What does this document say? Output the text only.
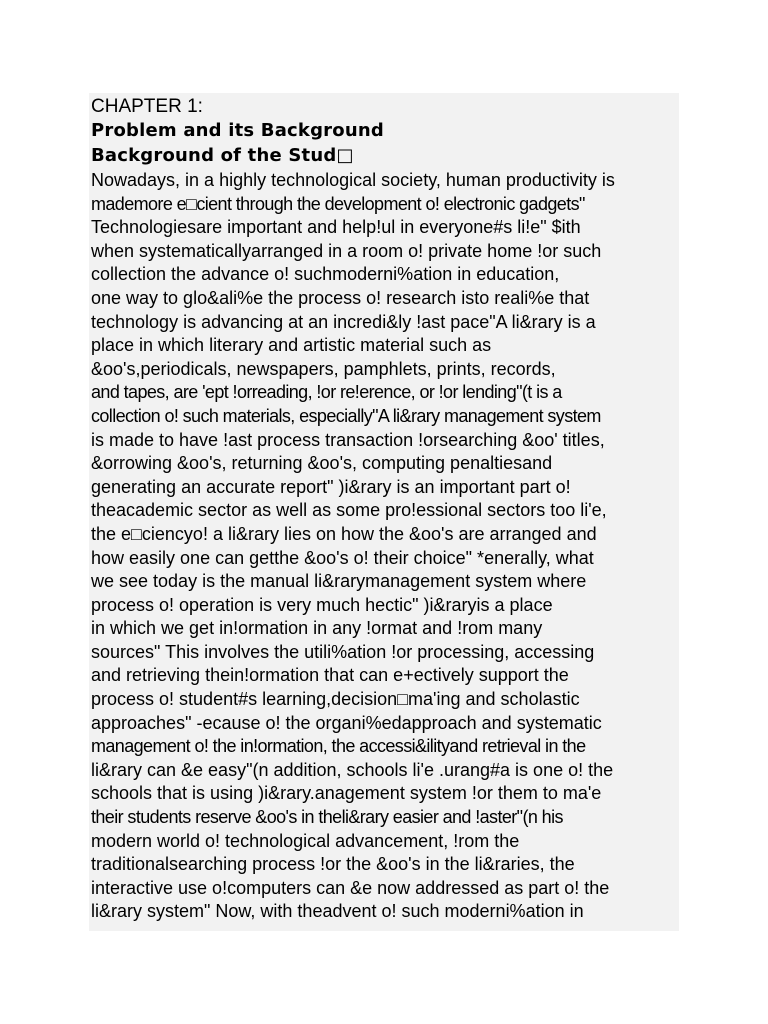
CHAPTER 1:

Problem and its Background

Background of the Stud□

Nowadays, in a highly technological society, human productivity is

mademore e□cient through the development o! electronic gadgets"

Technologiesare important and help!ul in everyone#s li!e" $ith

when systematicallyarranged in a room o! private home !or such

collection the advance o! suchmoderni%ation in education,

one way to glo&ali%e the process o! research isto reali%e that

technology is advancing at an incredi&ly !ast pace"A li&rary is a

place in which literary and artistic material such as

&oo's,periodicals, newspapers, pamphlets, prints, records,

and tapes, are 'ept !orreading, !or re!erence, or !or lending"(t is a

collection o! such materials, especially"A li&rary management system

is made to have !ast process transaction !orsearching &oo' titles,

&orrowing &oo's, returning &oo's, computing penaltiesand

generating an accurate report" )i&rary is an important part o!

theacademic sector as well as some pro!essional sectors too li'e,

the e□ciencyo! a li&rary lies on how the &oo's are arranged and

how easily one can getthe &oo's o! their choice" *enerally, what

we see today is the manual li&rarymanagement system where

process o! operation is very much hectic" )i&raryis a place

in which we get in!ormation in any !ormat and !rom many

sources" This involves the utili%ation !or processing, accessing

and retrieving thein!ormation that can e+ectively support the

process o! student#s learning,decision□ma'ing and scholastic

approaches" -ecause o! the organi%edapproach and systematic

management o! the in!ormation, the accessi&ilityand retrieval in the

li&rary can &e easy"(n addition, schools li'e .urang#a is one o! the

schools that is using )i&rary.anagement system !or them to ma'e

their students reserve &oo's in theli&rary easier and !aster"(n his

modern world o! technological advancement, !rom the

traditionalsearching process !or the &oo's in the li&raries, the

interactive use o!computers can &e now addressed as part o! the

li&rary system" Now, with theadvent o! such moderni%ation in
